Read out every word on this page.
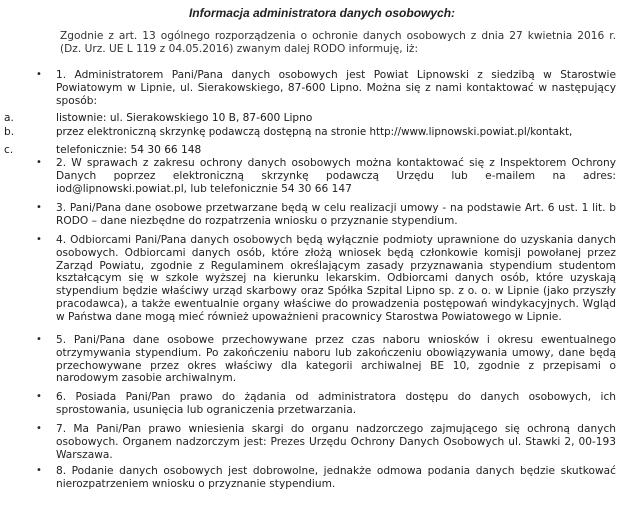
Informacja administratora danych osobowych:
Zgodnie z art. 13 ogólnego rozporządzenia o ochronie danych osobowych z dnia 27 kwietnia 2016 r. (Dz. Urz. UE L 119 z 04.05.2016) zwanym dalej RODO informuję, iż:
• 1. Administratorem Pani/Pana danych osobowych jest Powiat Lipnowski z siedzibą w Starostwie Powiatowym w Lipnie, ul. Sierakowskiego, 87-600 Lipno. Można się z nami kontaktować w następujący sposób:
a.	listownie: ul. Sierakowskiego 10 B, 87-600 Lipno
b.	przez elektroniczną skrzynkę podawczą dostępną na stronie http://www.lipnowski.powiat.pl/kontakt,
c.	telefonicznie: 54 30 66 148
• 2. W sprawach z zakresu ochrony danych osobowych można kontaktować się z Inspektorem Ochrony Danych poprzez elektroniczną skrzynkę podawczą Urzędu lub e-mailem na adres: iod@lipnowski.powiat.pl, lub telefonicznie 54 30 66 147
• 3. Pani/Pana dane osobowe przetwarzane będą w celu realizacji umowy - na podstawie Art. 6 ust. 1 lit. b RODO – dane niezbędne do rozpatrzenia wniosku o przyznanie stypendium.
• 4. Odbiorcami Pani/Pana danych osobowych będą wyłącznie podmioty uprawnione do uzyskania danych osobowych. Odbiorcami danych osób, które złożą wniosek będą członkowie komisji powołanej przez Zarząd Powiatu, zgodnie z Regulaminem określającym zasady przyznawania stypendium studentom kształcącym się w szkole wyższej na kierunku lekarskim. Odbiorcami danych osób, które uzyskają stypendium będzie właściwy urząd skarbowy oraz Spółka Szpital Lipno sp. z o. o. w Lipnie (jako przyszły pracodawca), a także ewentualnie organy właściwe do prowadzenia postępowań windykacyjnych. Wgląd w Państwa dane mogą mieć również upoważnieni pracownicy Starostwa Powiatowego w Lipnie.
• 5. Pani/Pana dane osobowe przechowywane przez czas naboru wniosków i okresu ewentualnego otrzymywania stypendium. Po zakończeniu naboru lub zakończeniu obowiązywania umowy, dane będą przechowywane przez okres właściwy dla kategorii archiwalnej BE 10, zgodnie z przepisami o narodowym zasobie archiwalnym.
• 6. Posiada Pani/Pan prawo do żądania od administratora dostępu do danych osobowych, ich sprostowania, usunięcia lub ograniczenia przetwarzania.
• 7. Ma Pani/Pan prawo wniesienia skargi do organu nadzorczego zajmującego się ochroną danych osobowych. Organem nadzorczym jest: Prezes Urzędu Ochrony Danych Osobowych ul. Stawki 2, 00-193 Warszawa.
• 8. Podanie danych osobowych jest dobrowolne, jednakże odmowa podania danych będzie skutkować nierozpatrzeniem wniosku o przyznanie stypendium.
